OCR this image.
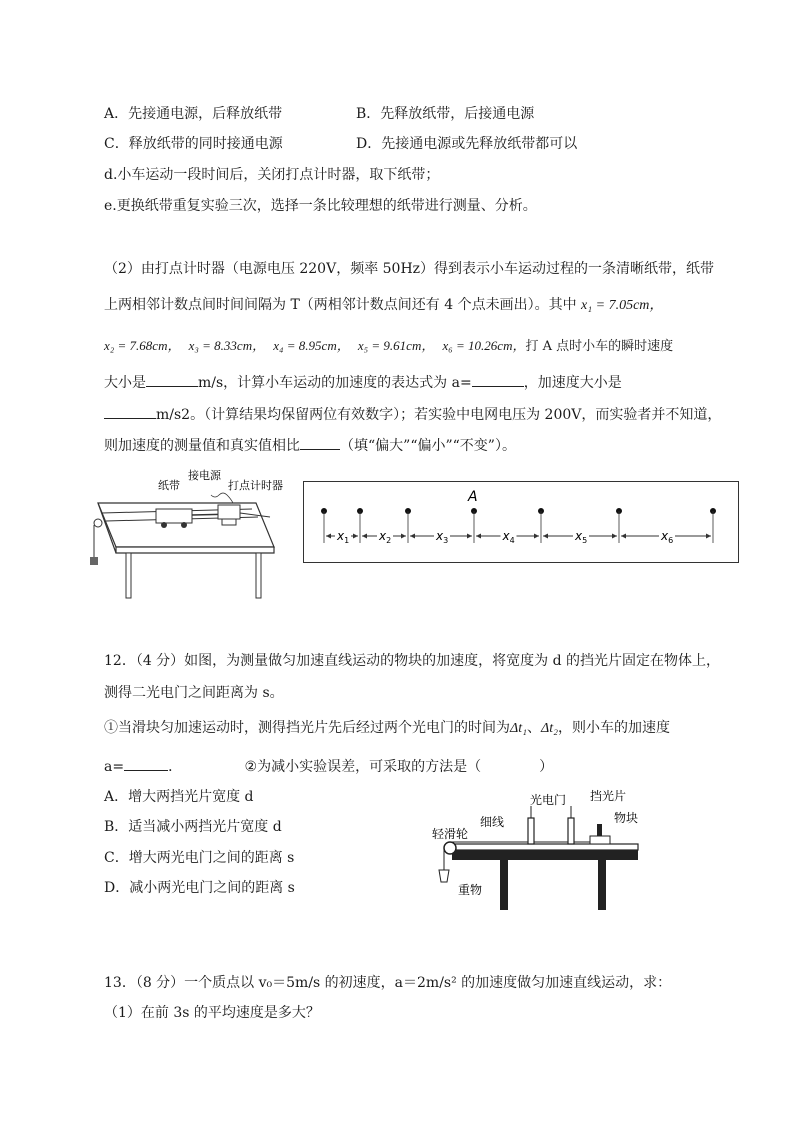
A．先接通电源，后释放纸带	B．先释放纸带，后接通电源
C．释放纸带的同时接通电源	D．先接通电源或先释放纸带都可以
d.小车运动一段时间后，关闭打点计时器，取下纸带；
e.更换纸带重复实验三次，选择一条比较理想的纸带进行测量、分析。
（2）由打点计时器（电源电压 220V，频率 50Hz）得到表示小车运动过程的一条清晰纸带，纸带
上两相邻计数点间时间间隔为 T（两相邻计数点间还有 4 个点未画出）。其中 x₁ = 7.05cm，
x₂ = 7.68cm， x₃ = 8.33cm， x₄ = 8.95cm， x₅ = 9.61cm， x₆ = 10.26cm，打 A 点时小车的瞬时速度
大小是	m/s，计算小车运动的加速度的表达式为 a=	，加速度大小是
m/s2。（计算结果均保留两位有效数字）；若实验中电网电压为 200V，而实验者并不知道，
则加速度的测量值和真实值相比	（填“偏大”“偏小”“不变”）。
纸带
接电源
打点计时器
A
$x_1$ $x_2$	$x_3$	$x_4$	$x_5$	$x_6$
12．（4 分）如图，为测量做匀加速直线运动的物块的加速度，将宽度为 d 的挡光片固定在物体上，
测得二光电门之间距离为 s。
①当滑块匀加速运动时，测得挡光片先后经过两个光电门的时间为Δt₁、Δt₂，则小车的加速度
a=	．	②为减小实验误差，可采取的方法是（	）
A．增大两挡光片宽度 d
B．适当减小两挡光片宽度 d
C．增大两光电门之间的距离 s
D．减小两光电门之间的距离 s
轻滑轮
细线
光电门 挡光片
物块
重物
13．（8 分）一个质点以 v₀＝5m/s 的初速度，a＝2m/s² 的加速度做匀加速直线运动，求：
（1）在前 3s 的平均速度是多大？
